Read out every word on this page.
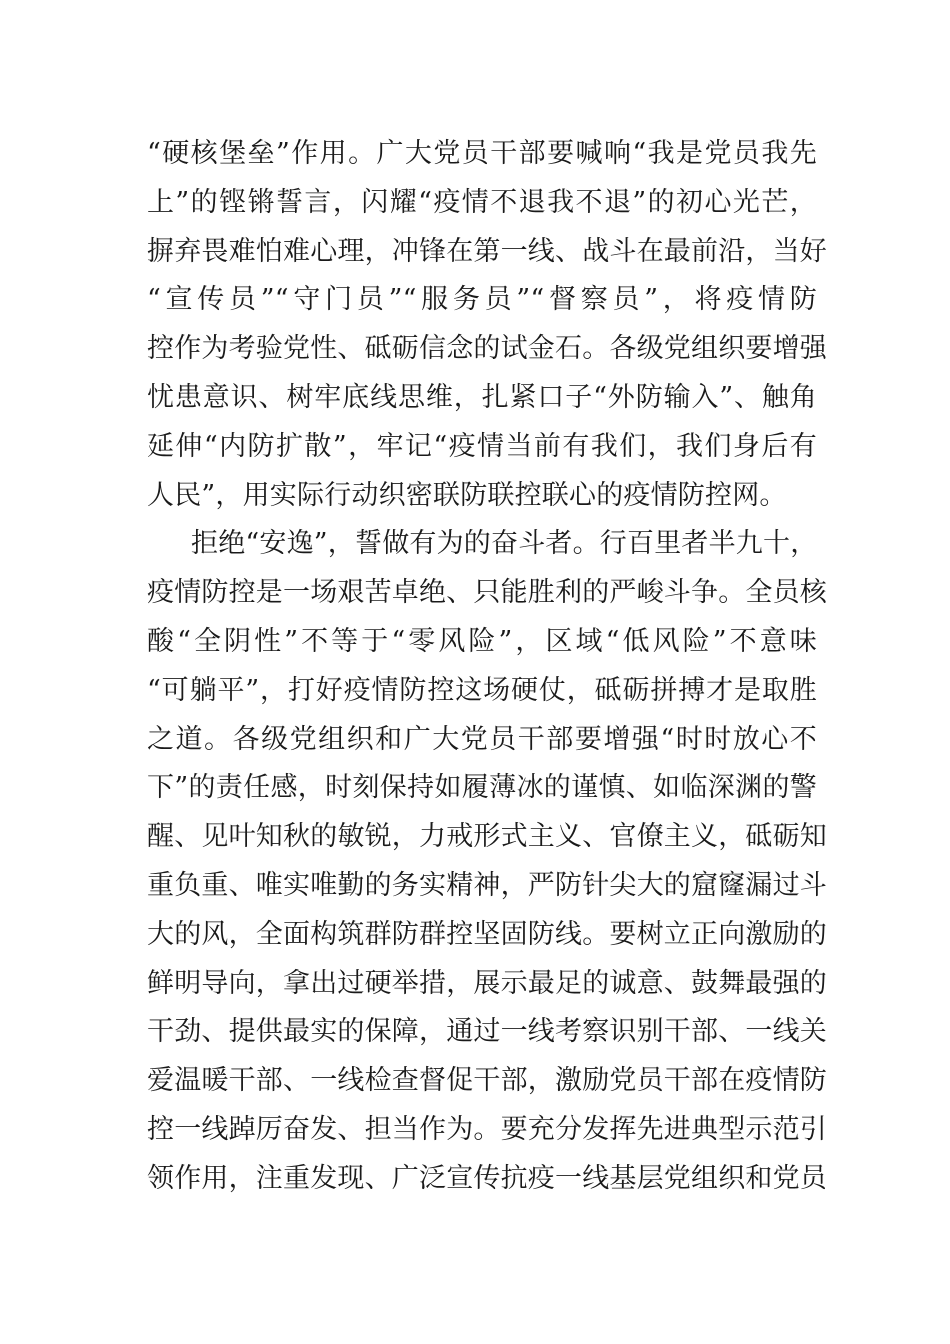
“硬核堡垒”作用。广大党员干部要喊响“我是党员我先
上”的铿锵誓言，闪耀“疫情不退我不退”的初心光芒，
摒弃畏难怕难心理，冲锋在第一线、战斗在最前沿，当好
“宣传员”“守门员”“服务员”“督察员”，将疫情防
控作为考验党性、砥砺信念的试金石。各级党组织要增强
忧患意识、树牢底线思维，扎紧口子“外防输入”、触角
延伸“内防扩散”，牢记“疫情当前有我们，我们身后有
人民”，用实际行动织密联防联控联心的疫情防控网。
拒绝“安逸”，誓做有为的奋斗者。行百里者半九十，
疫情防控是一场艰苦卓绝、只能胜利的严峻斗争。全员核
酸“全阴性”不等于“零风险”，区域“低风险”不意味
“可躺平”，打好疫情防控这场硬仗，砥砺拼搏才是取胜
之道。各级党组织和广大党员干部要增强“时时放心不
下”的责任感，时刻保持如履薄冰的谨慎、如临深渊的警
醒、见叶知秋的敏锐，力戒形式主义、官僚主义，砥砺知
重负重、唯实唯勤的务实精神，严防针尖大的窟窿漏过斗
大的风，全面构筑群防群控坚固防线。要树立正向激励的
鲜明导向，拿出过硬举措，展示最足的诚意、鼓舞最强的
干劲、提供最实的保障，通过一线考察识别干部、一线关
爱温暖干部、一线检查督促干部，激励党员干部在疫情防
控一线踔厉奋发、担当作为。要充分发挥先进典型示范引
领作用，注重发现、广泛宣传抗疫一线基层党组织和党员
